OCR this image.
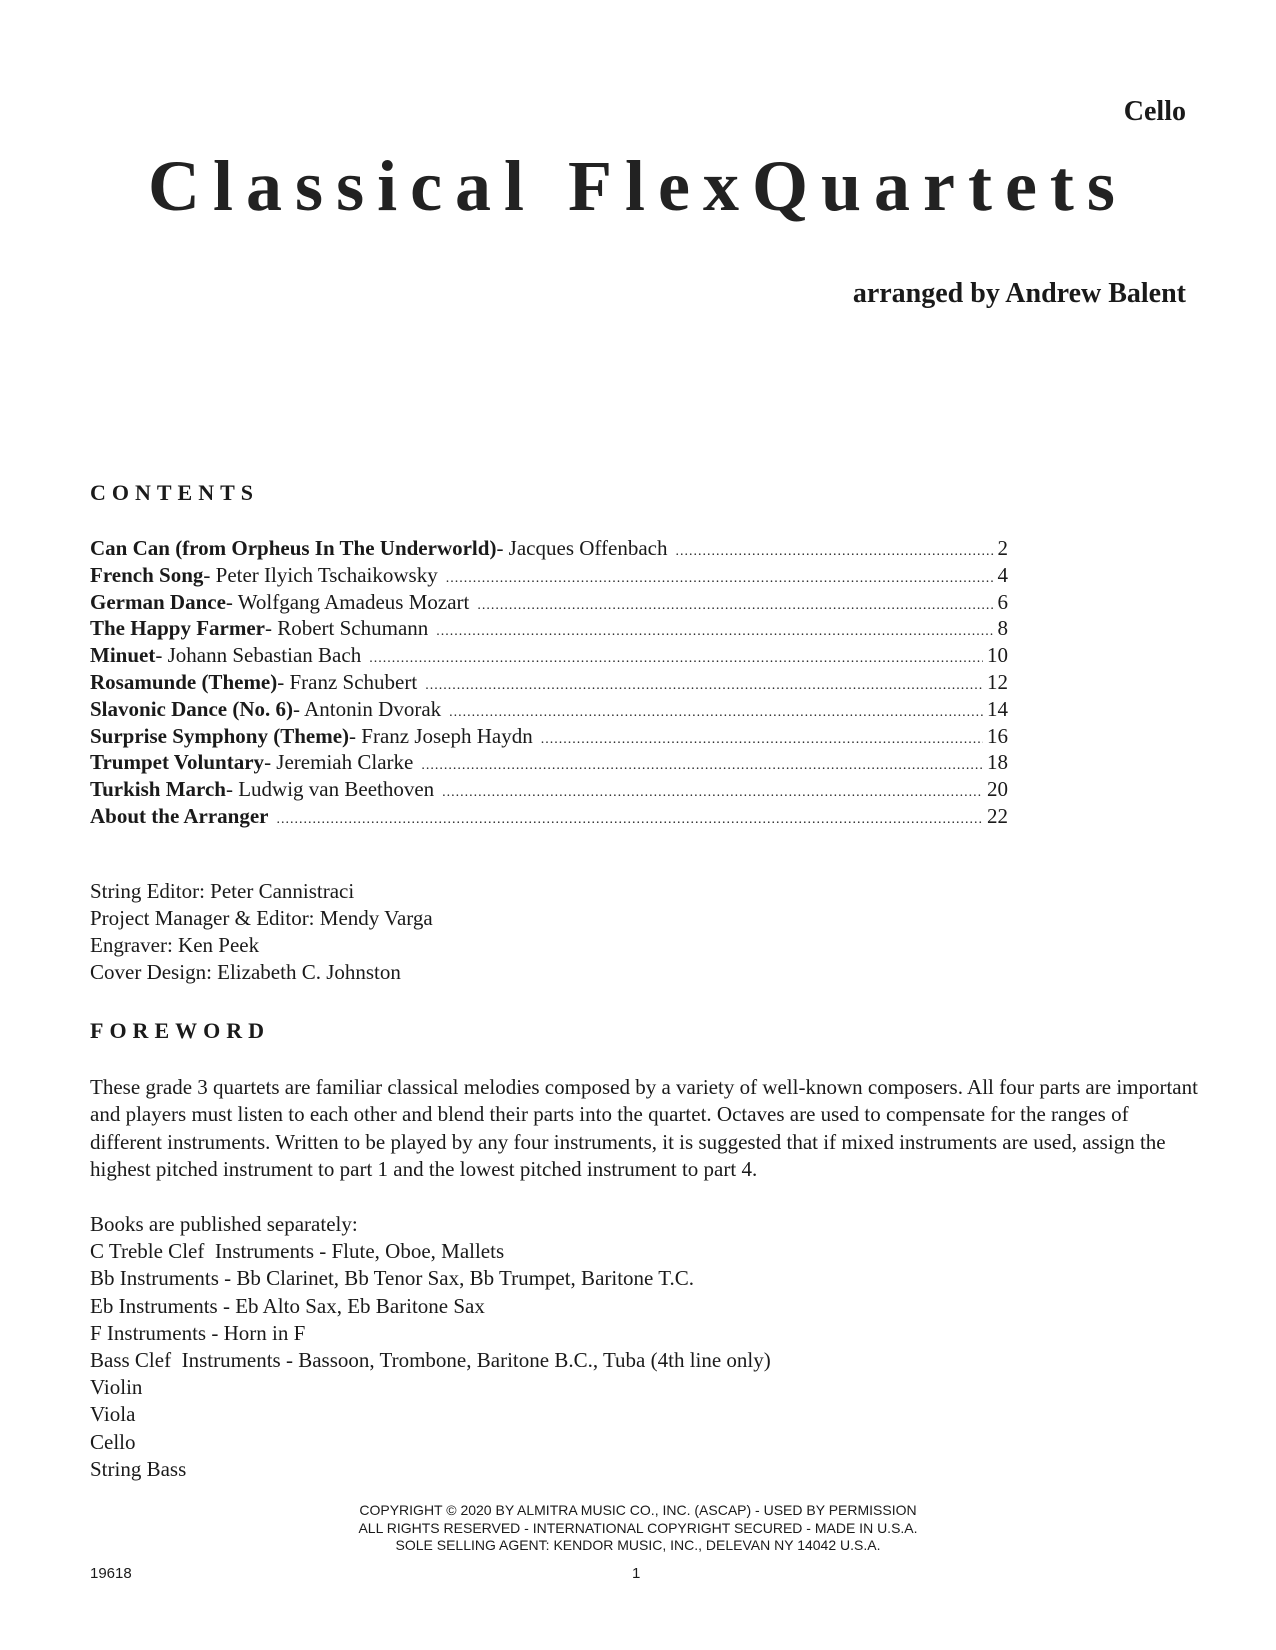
Cello
Classical FlexQuartets
arranged by Andrew Balent
CONTENTS
Can Can (from Orpheus In The Underworld) - Jacques Offenbach .....	2
French Song - Peter Ilyich Tschaikowsky .....	4
German Dance - Wolfgang Amadeus Mozart .....	6
The Happy Farmer - Robert Schumann .....	8
Minuet - Johann Sebastian Bach .....	10
Rosamunde (Theme) - Franz Schubert .....	12
Slavonic Dance (No. 6) - Antonin Dvorak .....	14
Surprise Symphony (Theme) - Franz Joseph Haydn .....	16
Trumpet Voluntary - Jeremiah Clarke .....	18
Turkish March - Ludwig van Beethoven .....	20
About the Arranger .....	22
String Editor: Peter Cannistraci
Project Manager & Editor: Mendy Varga
Engraver: Ken Peek
Cover Design: Elizabeth C. Johnston
FOREWORD
These grade 3 quartets are familiar classical melodies composed by a variety of well-known composers. All four parts are important and players must listen to each other and blend their parts into the quartet. Octaves are used to compensate for the ranges of different instruments. Written to be played by any four instruments, it is suggested that if mixed instruments are used, assign the highest pitched instrument to part 1 and the lowest pitched instrument to part 4.
Books are published separately:
C Treble Clef  Instruments - Flute, Oboe, Mallets
Bb Instruments - Bb Clarinet, Bb Tenor Sax, Bb Trumpet, Baritone T.C.
Eb Instruments - Eb Alto Sax, Eb Baritone Sax
F Instruments - Horn in F
Bass Clef  Instruments - Bassoon, Trombone, Baritone B.C., Tuba (4th line only)
Violin
Viola
Cello
String Bass
COPYRIGHT © 2020 BY ALMITRA MUSIC CO., INC. (ASCAP) - USED BY PERMISSION
ALL RIGHTS RESERVED - INTERNATIONAL COPYRIGHT SECURED - MADE IN U.S.A.
SOLE SELLING AGENT: KENDOR MUSIC, INC., DELEVAN NY 14042 U.S.A.
19618	1
